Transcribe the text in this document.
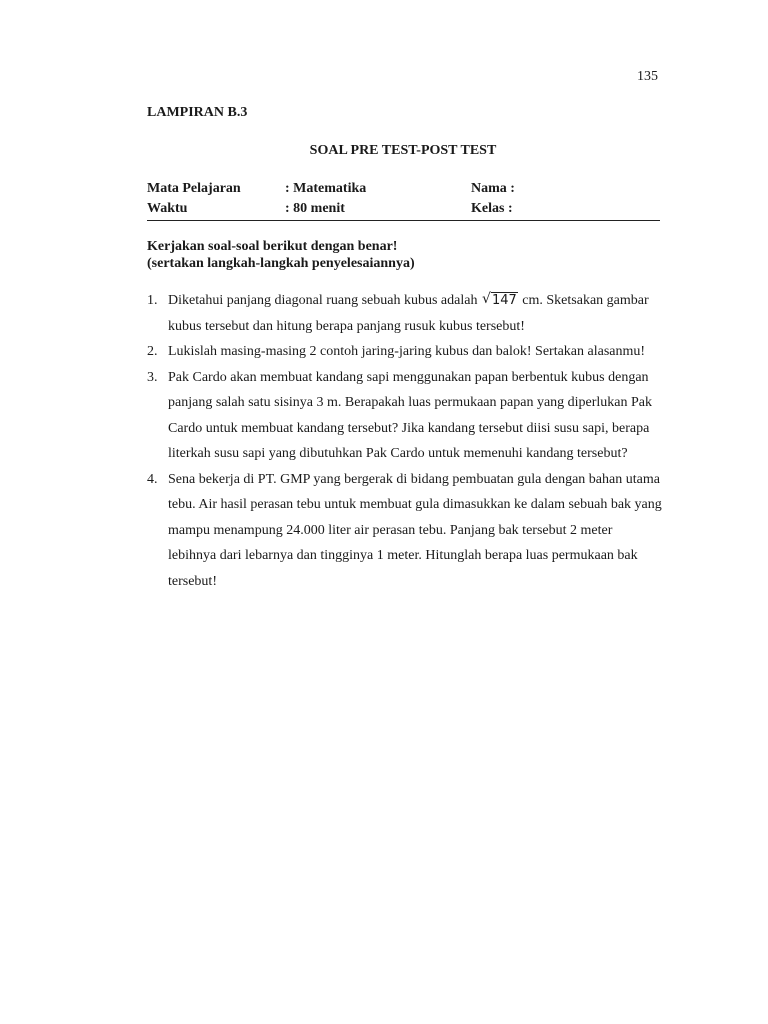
135
LAMPIRAN B.3
SOAL PRE TEST-POST TEST
Mata Pelajaran	: Matematika	Nama :
Waktu	: 80 menit	Kelas :
Kerjakan soal-soal berikut dengan benar!
(sertakan langkah-langkah penyelesaiannya)
1. Diketahui panjang diagonal ruang sebuah kubus adalah √ 147 cm. Sketsakan gambar kubus tersebut dan hitung berapa panjang rusuk kubus tersebut!
2. Lukislah masing-masing 2 contoh jaring-jaring kubus dan balok! Sertakan alasanmu!
3. Pak Cardo akan membuat kandang sapi menggunakan papan berbentuk kubus dengan panjang salah satu sisinya 3 m. Berapakah luas permukaan papan yang diperlukan Pak Cardo untuk membuat kandang tersebut? Jika kandang tersebut diisi susu sapi, berapa literkah susu sapi yang dibutuhkan Pak Cardo untuk memenuhi kandang tersebut?
4. Sena bekerja di PT. GMP yang bergerak di bidang pembuatan gula dengan bahan utama tebu. Air hasil perasan tebu untuk membuat gula dimasukkan ke dalam sebuah bak yang mampu menampung 24.000 liter air perasan tebu. Panjang bak tersebut 2 meter lebihnya dari lebarnya dan tingginya 1 meter. Hitunglah berapa luas permukaan bak tersebut!
